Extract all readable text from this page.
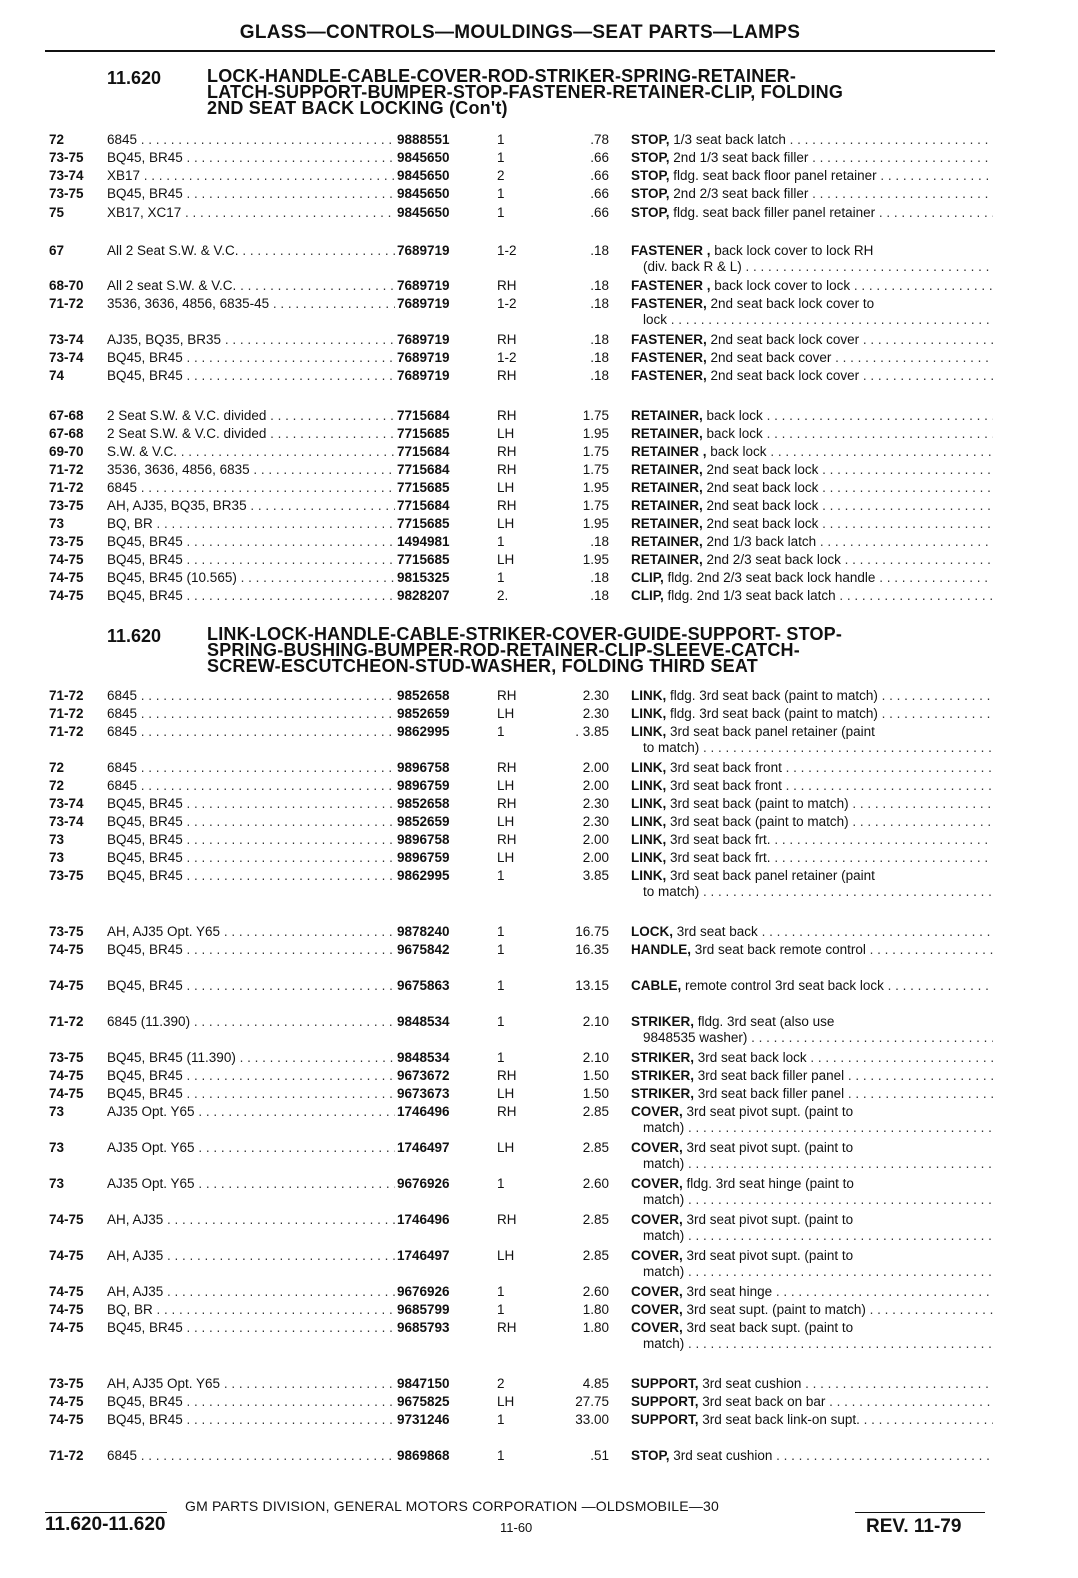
GLASS—CONTROLS—MOULDINGS—SEAT PARTS—LAMPS
11.620	LOCK-HANDLE-CABLE-COVER-ROD-STRIKER-SPRING-RETAINER-
LATCH-SUPPORT-BUMPER-STOP-FASTENER-RETAINER-CLIP, FOLDING
2ND SEAT BACK LOCKING (Con't)
72	6845 . . .	9888551	1	.78 STOP, 1/3 seat back latch . . .
73-75 BQ45, BR45 . . .	9845650	1	.66 STOP, 2nd 1/3 seat back filler . . .
73-74 XB17 . . .	9845650	2	.66 STOP, fldg. seat back floor panel retainer . . .
73-75 BQ45, BR45 . . .	9845650	1	.66 STOP, 2nd 2/3 seat back filler . . .
75	XB17, XC17 . . .	9845650	1	.66 STOP, fldg. seat back filler panel retainer . . .
67	All 2 Seat S.W. & V.C. . . .	7689719	1-2	.18 FASTENER , back lock cover to lock RH
(div. back R & L) . . .
68-70 All 2 seat S.W. & V.C. . . .	7689719	RH	.18 FASTENER , back lock cover to lock . . .
71-72 3536, 3636, 4856, 6835-45 . . .	7689719	1-2	.18 FASTENER, 2nd seat back lock cover to
lock . . .
73-74 AJ35, BQ35, BR35 . . .	7689719	RH	.18 FASTENER, 2nd seat back lock cover . . .
73-74 BQ45, BR45 . . .	7689719	1-2	.18 FASTENER, 2nd seat back cover . . .
74	BQ45, BR45 . . .	7689719	RH	.18 FASTENER, 2nd seat back lock cover . . .
67-68 2 Seat S.W. & V.C. divided . . .	7715684	RH	1.75 RETAINER, back lock . . .
67-68 2 Seat S.W. & V.C. divided . . .	7715685	LH	1.95 RETAINER, back lock . . .
69-70 S.W. & V.C. . . .	7715684	RH	1.75 RETAINER , back lock . . .
71-72 3536, 3636, 4856, 6835 . . .	7715684	RH	1.75 RETAINER, 2nd seat back lock . . .
71-72 6845 . . .	7715685	LH	1.95 RETAINER, 2nd seat back lock . . .
73-75 AH, AJ35, BQ35, BR35 . . .	7715684	RH	1.75 RETAINER, 2nd seat back lock . . .
73	BQ, BR . . .	7715685	LH	1.95 RETAINER, 2nd seat back lock . . .
73-75 BQ45, BR45 . . .	1494981	1	.18 RETAINER, 2nd 1/3 back latch . . .
74-75 BQ45, BR45 . . .	7715685	LH	1.95 RETAINER, 2nd 2/3 seat back lock . . .
74-75 BQ45, BR45 (10.565) . . .	9815325	1	.18 CLIP, fldg. 2nd 2/3 seat back lock handle . . .
74-75 BQ45, BR45 . . .	9828207	2.	.18 CLIP, fldg. 2nd 1/3 seat back latch . . .
11.620	LINK-LOCK-HANDLE-CABLE-STRIKER-COVER-GUIDE-SUPPORT- STOP-
SPRING-BUSHING-BUMPER-ROD-RETAINER-CLIP-SLEEVE-CATCH-
SCREW-ESCUTCHEON-STUD-WASHER, FOLDING THIRD SEAT
71-72 6845 . . .	9852658	RH	2.30 LINK, fldg. 3rd seat back (paint to match) . . .
71-72 6845 . . .	9852659	LH	2.30 LINK, fldg. 3rd seat back (paint to match) . . .
71-72 6845 . . .	9862995	1	. 3.85 LINK, 3rd seat back panel retainer (paint
to match) . . .
72	6845 . . .	9896758	RH	2.00 LINK, 3rd seat back front . . .
72	6845 . . .	9896759	LH	2.00 LINK, 3rd seat back front . . .
73-74 BQ45, BR45 . . .	9852658	RH	2.30 LINK, 3rd seat back (paint to match) . . .
73-74 BQ45, BR45 . . .	9852659	LH	2.30 LINK, 3rd seat back (paint to match) . . .
73	BQ45, BR45 . . .	9896758	RH	2.00 LINK, 3rd seat back frt. . . .
73	BQ45, BR45 . . .	9896759	LH	2.00 LINK, 3rd seat back frt. . . .
73-75 BQ45, BR45 . . .	9862995	1	3.85 LINK, 3rd seat back panel retainer (paint
to match) . . .
73-75 AH, AJ35 Opt. Y65 . . .	9878240	1	16.75 LOCK, 3rd seat back . . .
74-75 BQ45, BR45 . . .	9675842	1	16.35 HANDLE, 3rd seat back remote control . . .
74-75 BQ45, BR45 . . .	9675863	1	13.15 CABLE, remote control 3rd seat back lock . . .
71-72 6845 (11.390) . . .	9848534	1	2.10 STRIKER, fldg. 3rd seat (also use
9848535 washer) . . .
73-75 BQ45, BR45 (11.390) . . .	9848534	1	2.10 STRIKER, 3rd seat back lock . . .
74-75 BQ45, BR45 . . .	9673672	RH	1.50 STRIKER, 3rd seat back filler panel . . .
74-75 BQ45, BR45 . . .	9673673	LH	1.50 STRIKER, 3rd seat back filler panel . . .
73	AJ35 Opt. Y65 . . .	1746496	RH	2.85 COVER, 3rd seat pivot supt. (paint to
match) . . .
73	AJ35 Opt. Y65 . . .	1746497	LH	2.85 COVER, 3rd seat pivot supt. (paint to
match) . . .
73	AJ35 Opt. Y65 . . .	9676926	1	2.60 COVER, fldg. 3rd seat hinge (paint to
match) . . .
74-75 AH, AJ35 . . .	1746496	RH	2.85 COVER, 3rd seat pivot supt. (paint to
match) . . .
74-75 AH, AJ35 . . .	1746497	LH	2.85 COVER, 3rd seat pivot supt. (paint to
match) . . .
74-75 AH, AJ35 . . .	9676926	1	2.60 COVER, 3rd seat hinge . . .
74-75 BQ, BR . . .	9685799	1	1.80 COVER, 3rd seat supt. (paint to match) . . .
74-75 BQ45, BR45 . . .	9685793	RH	1.80 COVER, 3rd seat back supt. (paint to
match) . . .
73-75 AH, AJ35 Opt. Y65 . . .	9847150	2	4.85 SUPPORT, 3rd seat cushion . . .
74-75 BQ45, BR45 . . .	9675825	LH	27.75 SUPPORT, 3rd seat back on bar . . .
74-75 BQ45, BR45 . . .	9731246	1	33.00 SUPPORT, 3rd seat back link-on supt. . . .
71-72 6845 . . .	9869868	1	.51 STOP, 3rd seat cushion . . .
GM PARTS DIVISION, GENERAL MOTORS CORPORATION —OLDSMOBILE—30
11.620-11.620	11-60	REV. 11-79
